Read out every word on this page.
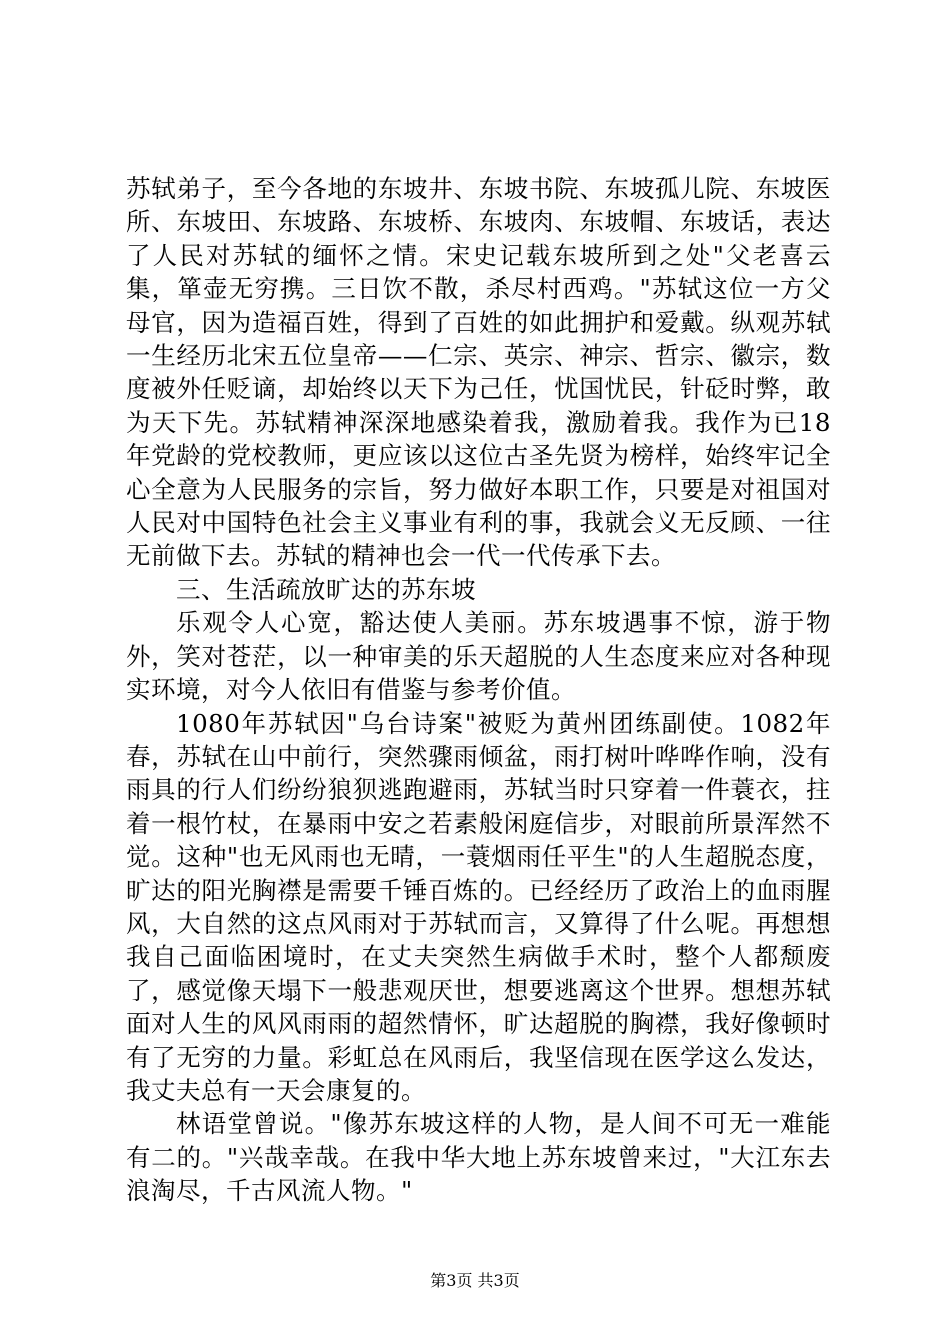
苏轼弟子，至今各地的东坡井、东坡书院、东坡孤儿院、东坡医所、东坡田、东坡路、东坡桥、东坡肉、东坡帽、东坡话，表达了人民对苏轼的缅怀之情。宋史记载东坡所到之处"父老喜云集，箪壶无穷携。三日饮不散，杀尽村西鸡。"苏轼这位一方父母官，因为造福百姓，得到了百姓的如此拥护和爱戴。纵观苏轼一生经历北宋五位皇帝——仁宗、英宗、神宗、哲宗、徽宗，数度被外任贬谪，却始终以天下为己任，忧国忧民，针砭时弊，敢为天下先。苏轼精神深深地感染着我，激励着我。我作为已18年党龄的党校教师，更应该以这位古圣先贤为榜样，始终牢记全心全意为人民服务的宗旨，努力做好本职工作，只要是对祖国对人民对中国特色社会主义事业有利的事，我就会义无反顾、一往无前做下去。苏轼的精神也会一代一代传承下去。

三、生活疏放旷达的苏东坡

乐观令人心宽，豁达使人美丽。苏东坡遇事不惊，游于物外，笑对苍茫，以一种审美的乐天超脱的人生态度来应对各种现实环境，对今人依旧有借鉴与参考价值。

1080年苏轼因"乌台诗案"被贬为黄州团练副使。1082年春，苏轼在山中前行，突然骤雨倾盆，雨打树叶哗哗作响，没有雨具的行人们纷纷狼狈逃跑避雨，苏轼当时只穿着一件蓑衣，拄着一根竹杖，在暴雨中安之若素般闲庭信步，对眼前所景浑然不觉。这种"也无风雨也无晴，一蓑烟雨任平生"的人生超脱态度，旷达的阳光胸襟是需要千锤百炼的。已经经历了政治上的血雨腥风，大自然的这点风雨对于苏轼而言，又算得了什么呢。再想想我自己面临困境时，在丈夫突然生病做手术时，整个人都颓废了，感觉像天塌下一般悲观厌世，想要逃离这个世界。想想苏轼面对人生的风风雨雨的超然情怀，旷达超脱的胸襟，我好像顿时有了无穷的力量。彩虹总在风雨后，我坚信现在医学这么发达，我丈夫总有一天会康复的。

林语堂曾说。"像苏东坡这样的人物，是人间不可无一难能有二的。"兴哉幸哉。在我中华大地上苏东坡曾来过，"大江东去浪淘尽，千古风流人物。"

第3页 共3页
